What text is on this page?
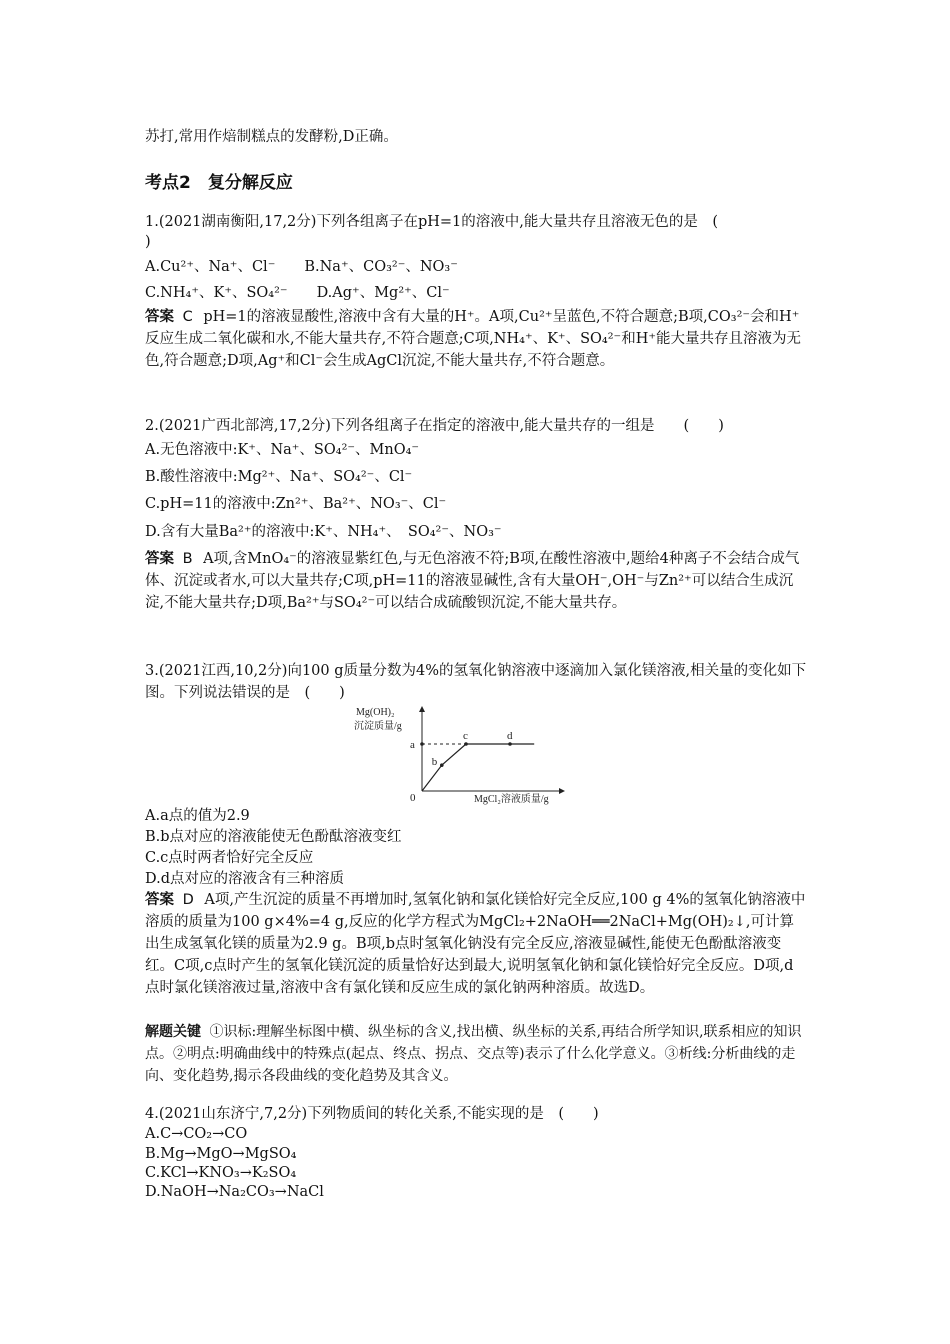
苏打,常用作焙制糕点的发酵粉,D正确。
考点2　复分解反应
1.(2021湖南衡阳,17,2分)下列各组离子在pH=1的溶液中,能大量共存且溶液无色的是　(
)
A.Cu²⁺、Na⁺、Cl⁻　　B.Na⁺、CO₃²⁻、NO₃⁻
C.NH₄⁺、K⁺、SO₄²⁻　　D.Ag⁺、Mg²⁺、Cl⁻
答案 C pH=1的溶液显酸性,溶液中含有大量的H⁺。A项,Cu²⁺呈蓝色,不符合题意;B项,CO₃²⁻会和H⁺反应生成二氧化碳和水,不能大量共存,不符合题意;C项,NH₄⁺、K⁺、SO₄²⁻和H⁺能大量共存且溶液为无色,符合题意;D项,Ag⁺和Cl⁻会生成AgCl沉淀,不能大量共存,不符合题意。
2.(2021广西北部湾,17,2分)下列各组离子在指定的溶液中,能大量共存的一组是　　(　　)
A.无色溶液中:K⁺、Na⁺、SO₄²⁻、MnO₄⁻
B.酸性溶液中:Mg²⁺、Na⁺、SO₄²⁻、Cl⁻
C.pH=11的溶液中:Zn²⁺、Ba²⁺、NO₃⁻、Cl⁻
D.含有大量Ba²⁺的溶液中:K⁺、NH₄⁺、　SO₄²⁻、NO₃⁻
答案 B A项,含MnO₄⁻的溶液显紫红色,与无色溶液不符;B项,在酸性溶液中,题给4种离子不会结合成气体、沉淀或者水,可以大量共存;C项,pH=11的溶液显碱性,含有大量OH⁻,OH⁻与Zn²⁺可以结合生成沉淀,不能大量共存;D项,Ba²⁺与SO₄²⁻可以结合成硫酸钡沉淀,不能大量共存。
3.(2021江西,10,2分)向100 g质量分数为4%的氢氧化钠溶液中逐滴加入氯化镁溶液,相关量的变化如下图。下列说法错误的是　(　　)
Mg(OH)₂
沉淀质量/g
MgCl₂溶液质量/g
0
a
b
c	d
A.a点的值为2.9
B.b点对应的溶液能使无色酚酞溶液变红
C.c点时两者恰好完全反应
D.d点对应的溶液含有三种溶质
答案 D A项,产生沉淀的质量不再增加时,氢氧化钠和氯化镁恰好完全反应,100 g 4%的氢氧化钠溶液中溶质的质量为100 g×4%=4 g,反应的化学方程式为MgCl₂+2NaOH══2NaCl+Mg(OH)₂↓,可计算出生成氢氧化镁的质量为2.9 g。B项,b点时氢氧化钠没有完全反应,溶液显碱性,能使无色酚酞溶液变红。C项,c点时产生的氢氧化镁沉淀的质量恰好达到最大,说明氢氧化钠和氯化镁恰好完全反应。D项,d点时氯化镁溶液过量,溶液中含有氯化镁和反应生成的氯化钠两种溶质。故选D。
解题关键 ①识标:理解坐标图中横、纵坐标的含义,找出横、纵坐标的关系,再结合所学知识,联系相应的知识点。②明点:明确曲线中的特殊点(起点、终点、拐点、交点等)表示了什么化学意义。③析线:分析曲线的走向、变化趋势,揭示各段曲线的变化趋势及其含义。
4.(2021山东济宁,7,2分)下列物质间的转化关系,不能实现的是　(　　)
A.C→CO₂→CO
B.Mg→MgO→MgSO₄
C.KCl→KNO₃→K₂SO₄
D.NaOH→Na₂CO₃→NaCl
